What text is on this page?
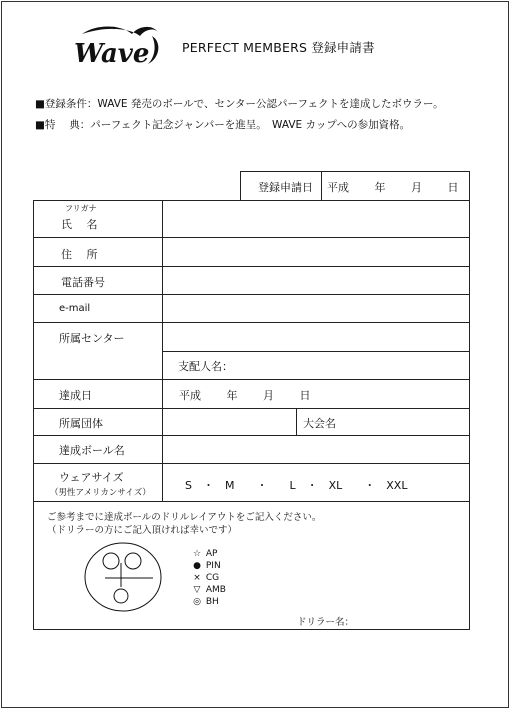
Wave	PERFECT MEMBERS 登録申請書
■登録条件：WAVE 発売のボールで、センター公認パーフェクトを達成したボウラー。
■特　 典：パーフェクト記念ジャンパーを進呈。　WAVE カップへの参加資格。
登録申請日 平成　　 年　　 月　　 日
フリガナ
氏　 名
住　 所
電話番号
e-mail
所属センター
支配人名：
達成日	平成　　 年　　 月　　 日
所属団体	大会名
達成ボール名
ウェアサイズ
（男性アメリカンサイズ）
S　・　M　　・　　L　・　XL　　・　XXL
ご参考までに達成ボールのドリルレイアウトをご記入ください。
（ドリラーの方にご記入頂ければ幸いです）
☆ AP
● PIN
× CG
▽ AMB
◎ BH
ドリラー名：
